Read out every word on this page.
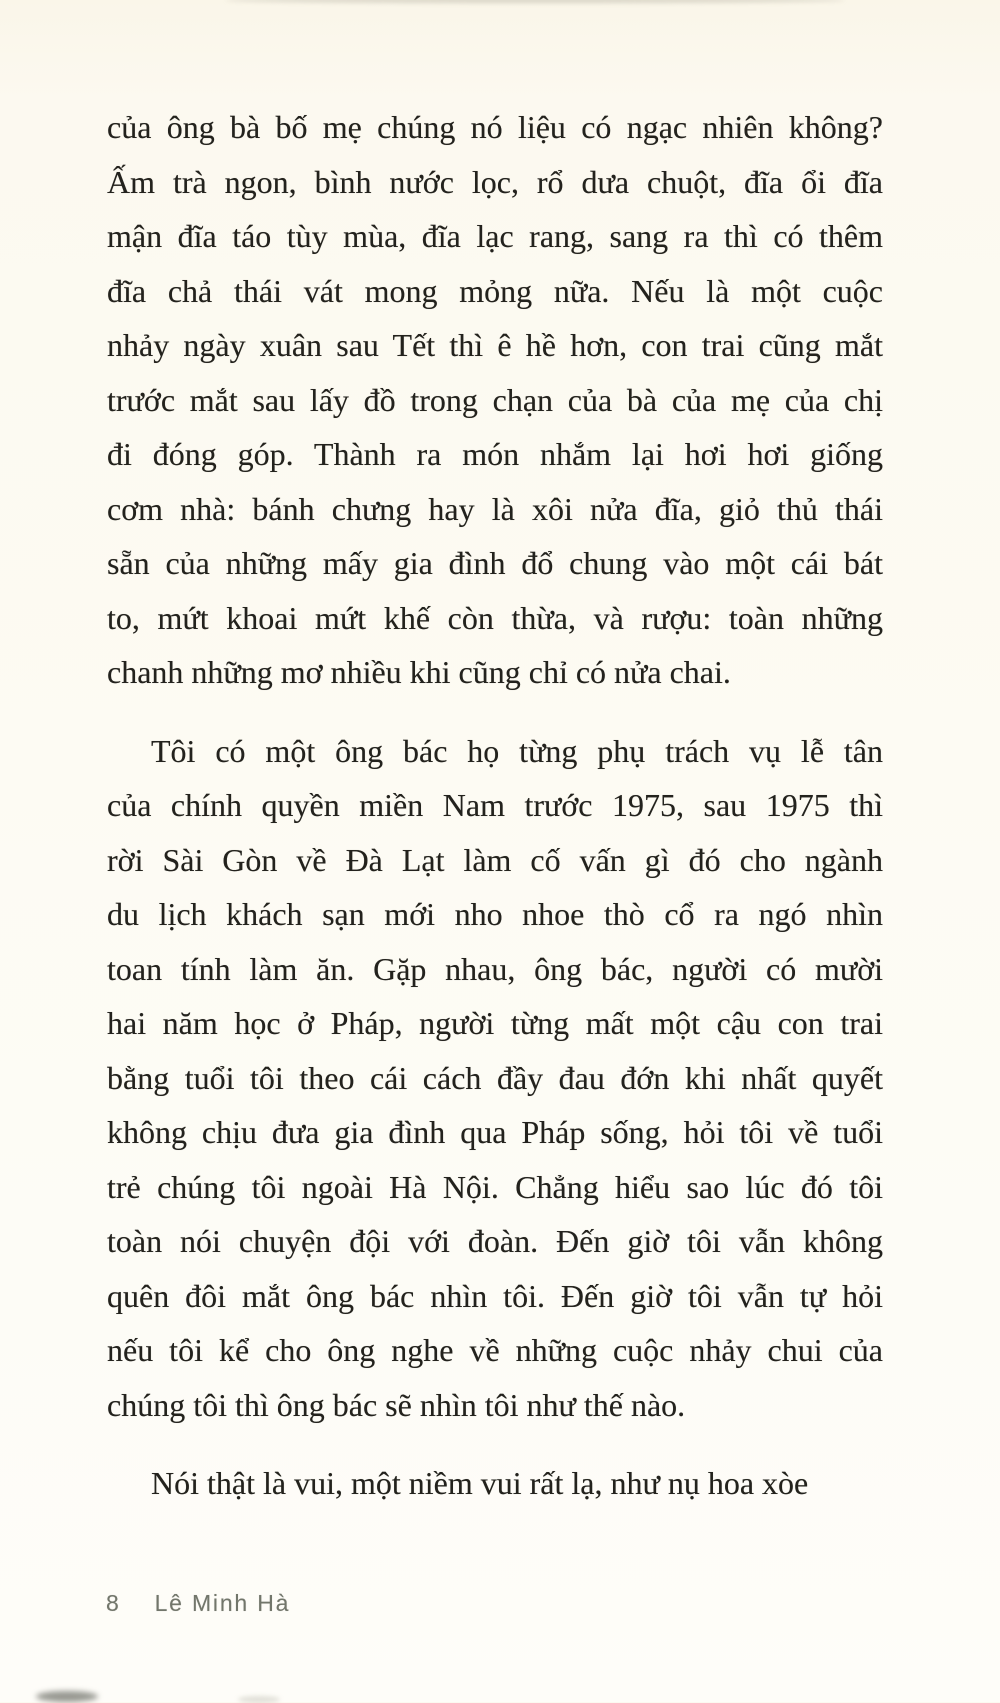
của ông bà bố mẹ chúng nó liệu có ngạc nhiên không?
Ấm trà ngon, bình nước lọc, rổ dưa chuột, đĩa ổi đĩa
mận đĩa táo tùy mùa, đĩa lạc rang, sang ra thì có thêm
đĩa chả thái vát mong mỏng nữa. Nếu là một cuộc
nhảy ngày xuân sau Tết thì ê hề hơn, con trai cũng mắt
trước mắt sau lấy đồ trong chạn của bà của mẹ của chị
đi đóng góp. Thành ra món nhắm lại hơi hơi giống
cơm nhà: bánh chưng hay là xôi nửa đĩa, giỏ thủ thái
sẵn của những mấy gia đình đổ chung vào một cái bát
to, mứt khoai mứt khế còn thừa, và rượu: toàn những
chanh những mơ nhiều khi cũng chỉ có nửa chai.
Tôi có một ông bác họ từng phụ trách vụ lễ tân
của chính quyền miền Nam trước 1975, sau 1975 thì
rời Sài Gòn về Đà Lạt làm cố vấn gì đó cho ngành
du lịch khách sạn mới nho nhoe thò cổ ra ngó nhìn
toan tính làm ăn. Gặp nhau, ông bác, người có mười
hai năm học ở Pháp, người từng mất một cậu con trai
bằng tuổi tôi theo cái cách đầy đau đớn khi nhất quyết
không chịu đưa gia đình qua Pháp sống, hỏi tôi về tuổi
trẻ chúng tôi ngoài Hà Nội. Chẳng hiểu sao lúc đó tôi
toàn nói chuyện đội với đoàn. Đến giờ tôi vẫn không
quên đôi mắt ông bác nhìn tôi. Đến giờ tôi vẫn tự hỏi
nếu tôi kể cho ông nghe về những cuộc nhảy chui của
chúng tôi thì ông bác sẽ nhìn tôi như thế nào.
Nói thật là vui, một niềm vui rất lạ, như nụ hoa xòe
8 Lê Minh Hà
